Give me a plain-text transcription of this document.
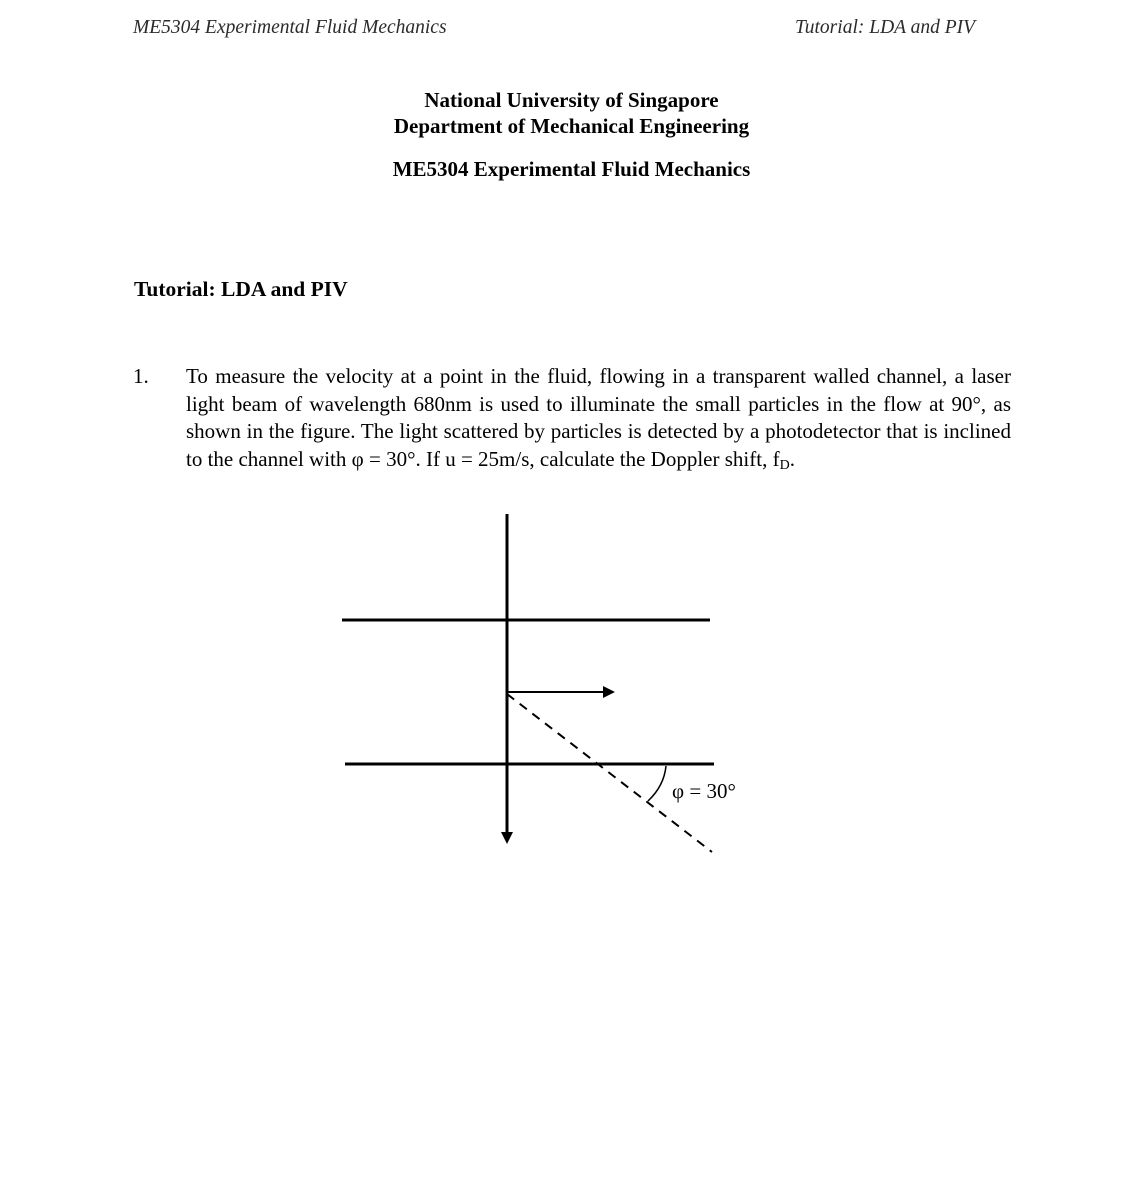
ME5304 Experimental Fluid Mechanics	Tutorial: LDA and PIV
National University of Singapore
Department of Mechanical Engineering
ME5304 Experimental Fluid Mechanics
Tutorial: LDA and PIV
1. To measure the velocity at a point in the fluid, flowing in a transparent walled channel, a laser light beam of wavelength 680nm is used to illuminate the small particles in the flow at 90°, as shown in the figure. The light scattered by particles is detected by a photodetector that is inclined to the channel with φ = 30°. If u = 25m/s, calculate the Doppler shift, $f_D$.
φ = 30°
